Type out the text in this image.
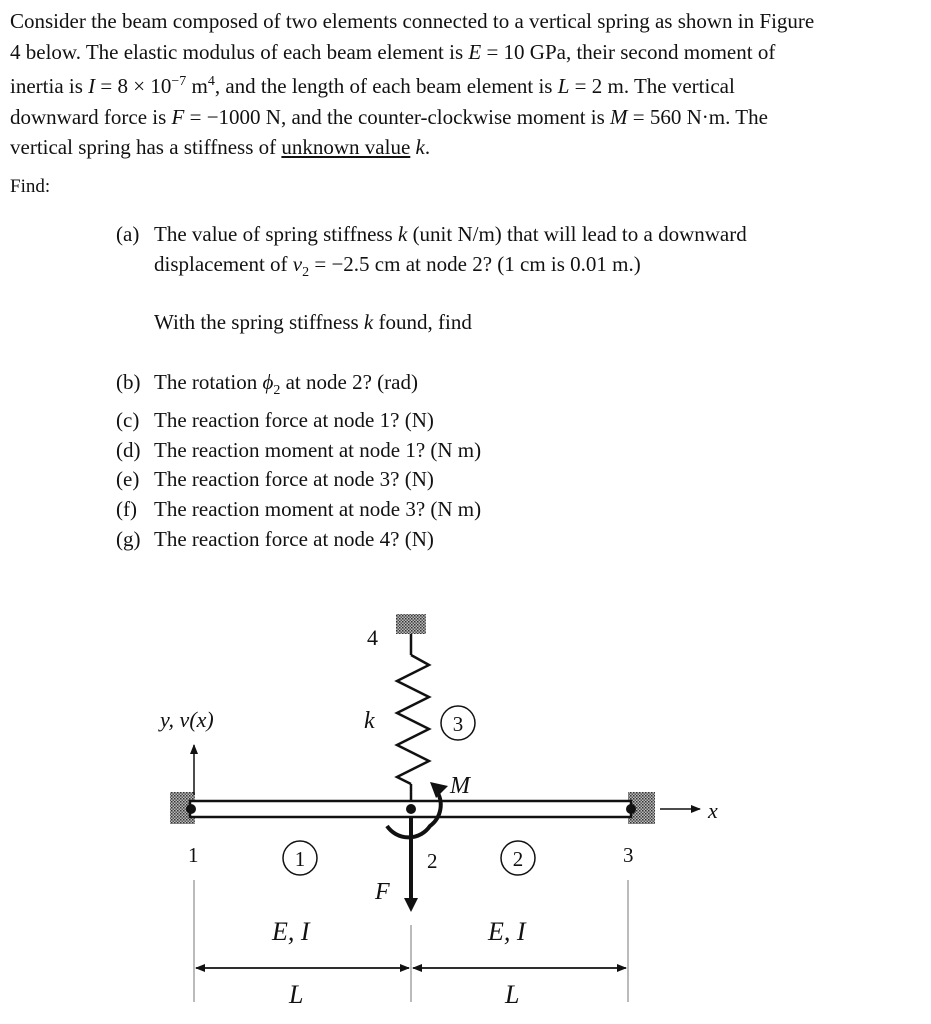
Consider the beam composed of two elements connected to a vertical spring as shown in Figure
4 below. The elastic modulus of each beam element is E = 10 GPa, their second moment of
inertia is $I = 8 \times 10^{-7}$ $m^4$, and the length of each beam element is L = 2 m. The vertical
downward force is F = −1000 N, and the counter-clockwise moment is M = 560 N·m. The
vertical spring has a stiffness of unknown value k.

Find:
(a) The value of spring stiffness k (unit N/m) that will lead to a downward
displacement of $v_2 = -2.5$ cm at node 2? (1 cm is 0.01 m.)
With the spring stiffness k found, find
(b) The rotation $\phi_2$ at node 2? (rad)
(c) The reaction force at node 1? (N)
(d) The reaction moment at node 1? (N m)
(e) The reaction force at node 3? (N)
(f) The reaction moment at node 3? (N m)
(g) The reaction force at node 4? (N)
4
y, v(x)	k	3
M
x
1	1	2	2	3
F
E, I	E, I
L	L
